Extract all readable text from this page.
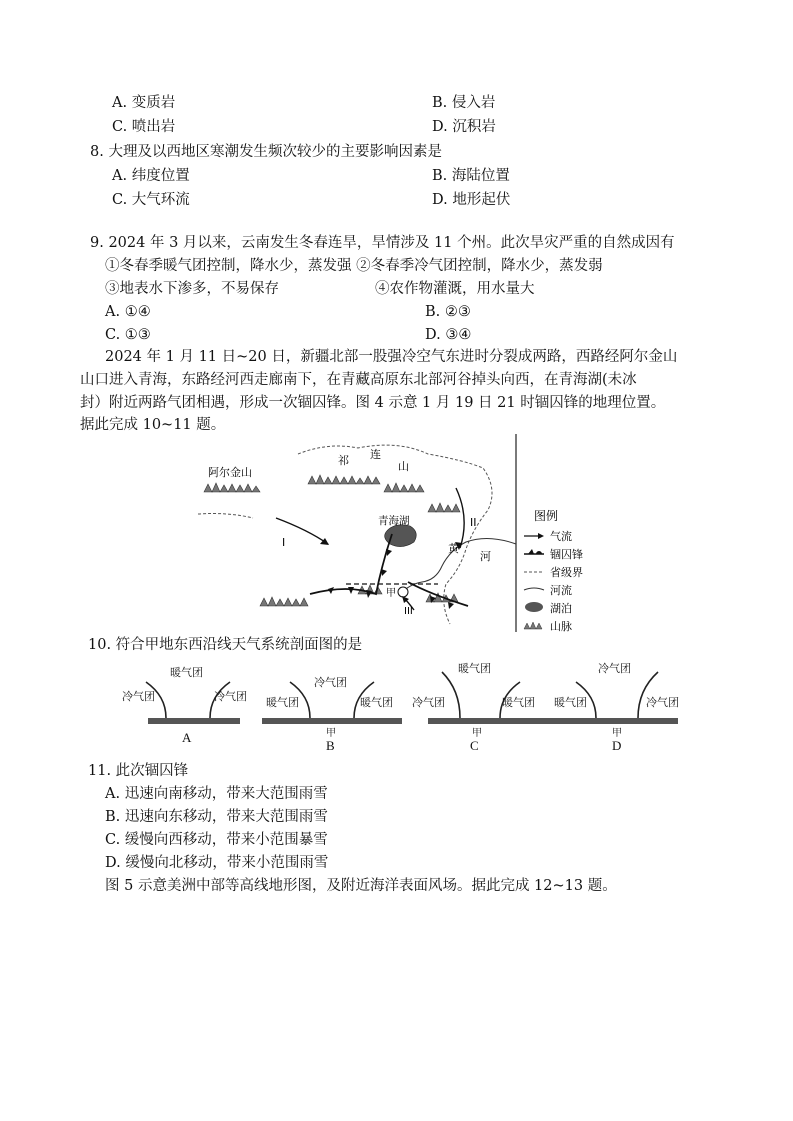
A. 变质岩	B. 侵入岩
C. 喷出岩	D. 沉积岩
8. 大理及以西地区寒潮发生频次较少的主要影响因素是
A. 纬度位置	B. 海陆位置
C. 大气环流	D. 地形起伏
9. 2024 年 3 月以来，云南发生冬春连旱，旱情涉及 11 个州。此次旱灾严重的自然成因有
①冬春季暖气团控制，降水少，蒸发强 ②冬春季冷气团控制，降水少，蒸发弱
③地表水下渗多，不易保存	④农作物灌溉，用水量大
A. ①④	B. ②③
C. ①③	D. ③④
2024 年 1 月 11 日~20 日，新疆北部一股强冷空气东进时分裂成两路，西路经阿尔金山
山口进入青海，东路经河西走廊南下，在青藏高原东北部河谷掉头向西，在青海湖(未冰
封）附近两路气团相遇，形成一次锢囚锋。图 4 示意 1 月 19 日 21 时锢囚锋的地理位置。
据此完成 10~11 题。
阿尔金山
祁 连
山
青海湖
黄
河
I
II
III
甲
图例
气流
锢囚锋
省级界
河流
湖泊
山脉
10. 符合甲地东西沿线天气系统剖面图的是
暖气团
冷气团	冷气团
A
冷气团
暖气团	暖气团
甲
B
暖气团
冷气团	暖气团
甲
C
冷气团
暖气团	冷气团
甲
D
11. 此次锢囚锋
A. 迅速向南移动，带来大范围雨雪
B. 迅速向东移动，带来大范围雨雪
C. 缓慢向西移动，带来小范围暴雪
D. 缓慢向北移动，带来小范围雨雪
图 5 示意美洲中部等高线地形图，及附近海洋表面风场。据此完成 12~13 题。
